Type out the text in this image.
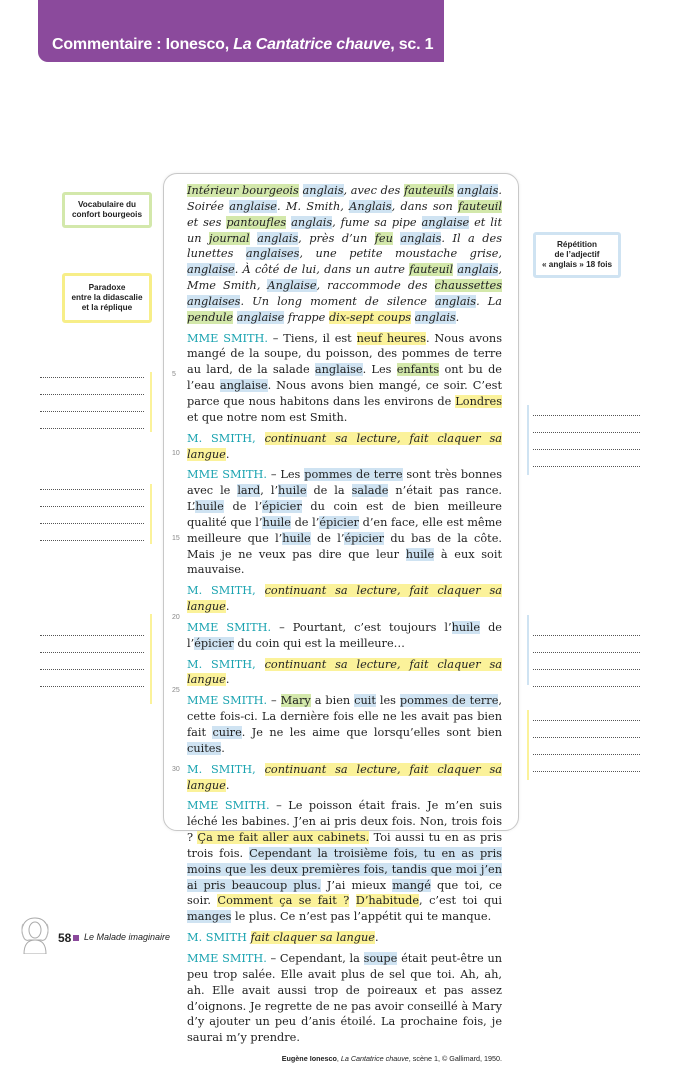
Commentaire : Ionesco, La Cantatrice chauve, sc. 1
Vocabulaire du
confort bourgeois
Paradoxe
entre la didascalie
et la réplique
Répétition
de l’adjectif
« anglais » 18 fois
5
10
15
20
25
30

Intérieur bourgeois anglais, avec des fauteuils anglais. Soirée anglaise. M. Smith, Anglais, dans son fauteuil et ses pantoufles anglais, fume sa pipe anglaise et lit un journal anglais, près d’un feu anglais. Il a des lunettes anglaises, une petite moustache grise, anglaise. À côté de lui, dans un autre fauteuil anglais, Mme Smith, Anglaise, raccommode des chaussettes anglaises. Un long moment de silence anglais. La pendule anglaise frappe dix-sept coups anglais.

MME SMITH. – Tiens, il est neuf heures. Nous avons mangé de la soupe, du poisson, des pommes de terre au lard, de la salade anglaise. Les enfants ont bu de l’eau anglaise. Nous avons bien mangé, ce soir. C’est parce que nous habitons dans les environs de Londres et que notre nom est Smith.

M. SMITH, continuant sa lecture, fait claquer sa langue.

MME SMITH. – Les pommes de terre sont très bonnes avec le lard, l’huile de la salade n’était pas rance. L’huile de l’épicier du coin est de bien meilleure qualité que l’huile de l’épicier d’en face, elle est même meilleure que l’huile de l’épicier du bas de la côte. Mais je ne veux pas dire que leur huile à eux soit mauvaise.

M. SMITH, continuant sa lecture, fait claquer sa langue.

MME SMITH. – Pourtant, c’est toujours l’huile de l’épicier du coin qui est la meilleure…

M. SMITH, continuant sa lecture, fait claquer sa langue.

MME SMITH. – Mary a bien cuit les pommes de terre, cette fois-ci. La dernière fois elle ne les avait pas bien fait cuire. Je ne les aime que lorsqu’elles sont bien cuites.

M. SMITH, continuant sa lecture, fait claquer sa langue.

MME SMITH. – Le poisson était frais. Je m’en suis léché les babines. J’en ai pris deux fois. Non, trois fois ? Ça me fait aller aux cabinets. Toi aussi tu en as pris trois fois. Cependant la troisième fois, tu en as pris moins que les deux premières fois, tandis que moi j’en ai pris beaucoup plus. J’ai mieux mangé que toi, ce soir. Comment ça se fait ? D’habitude, c’est toi qui manges le plus. Ce n’est pas l’appétit qui te manque.

M. SMITH fait claquer sa langue.

MME SMITH. – Cependant, la soupe était peut-être un peu trop salée. Elle avait plus de sel que toi. Ah, ah, ah. Elle avait aussi trop de poireaux et pas assez d’oignons. Je regrette de ne pas avoir conseillé à Mary d’y ajouter un peu d’anis étoilé. La prochaine fois, je saurai m’y prendre.

Eugène Ionesco, La Cantatrice chauve, scène 1, © Gallimard, 1950.

58 Le Malade imaginaire
